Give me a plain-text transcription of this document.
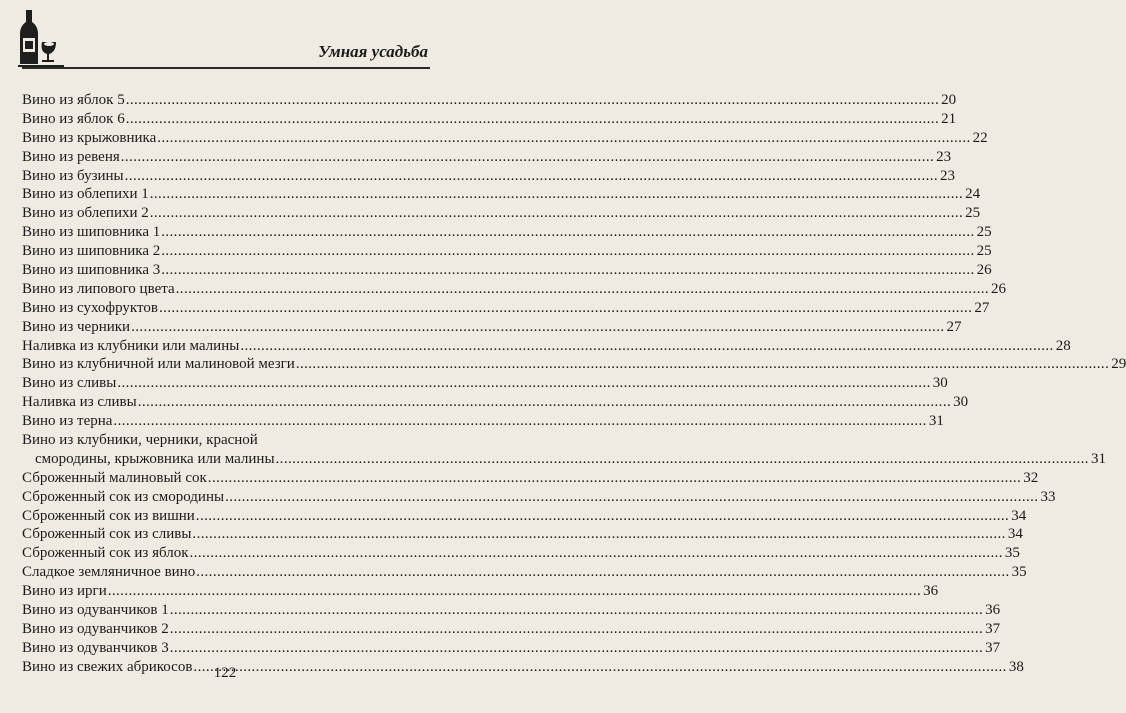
Умная усадьба
Вино из яблок 5 .....	20
Вино из яблок 6 .....	21
Вино из крыжовника .....	22
Вино из ревеня .....	23
Вино из бузины .....	23
Вино из облепихи 1 .....	24
Вино из облепихи 2 .....	25
Вино из шиповника 1 .....	25
Вино из шиповника 2 .....	25
Вино из шиповника 3 .....	26
Вино из липового цвета .....	26
Вино из сухофруктов .....	27
Вино из черники .....	27
Наливка из клубники или малины .....	28
Вино из клубничной или малиновой мезги .....	29
Вино из сливы .....	30
Наливка из сливы .....	30
Вино из терна .....	31
Вино из клубники, черники, красной
смородины, крыжовника или малины .....	31
Сброженный малиновый сок .....	32
Сброженный сок из смородины .....	33
Сброженный сок из вишни .....	34
Сброженный сок из сливы .....	34
Сброженный сок из яблок .....	35
Сладкое земляничное вино .....	35
Вино из ирги .....	36
Вино из одуванчиков 1 .....	36
Вино из одуванчиков 2 .....	37
Вино из одуванчиков 3 .....	37
Вино из свежих абрикосов .....	38
122
